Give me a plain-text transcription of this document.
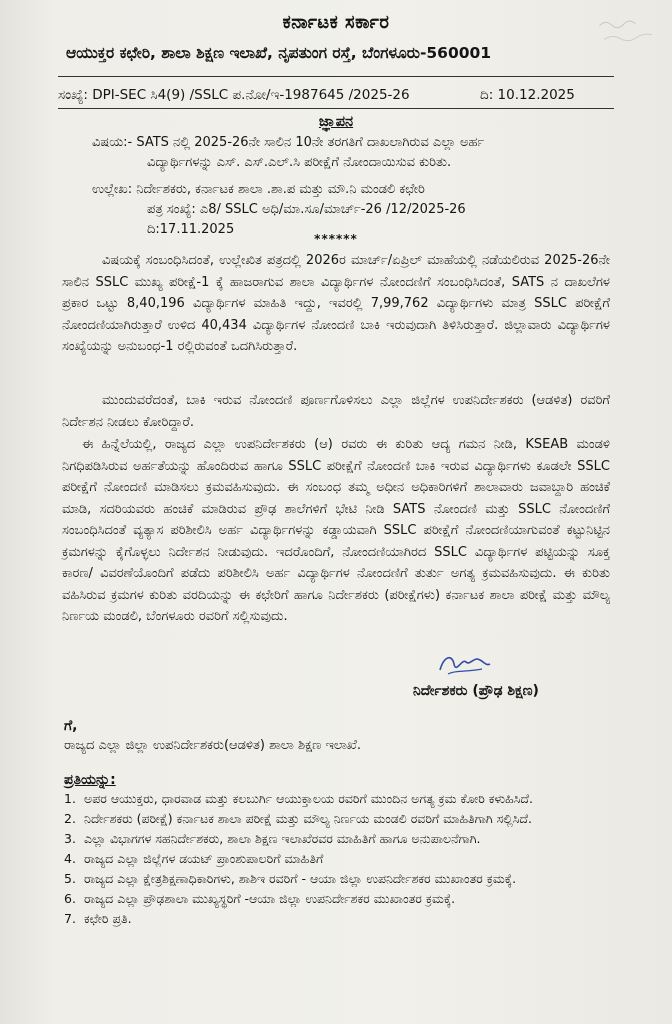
ಕರ್ನಾಟಕ ಸರ್ಕಾರ
ಆಯುಕ್ತರ ಕಛೇರಿ, ಶಾಲಾ ಶಿಕ್ಷಣ ಇಲಾಖೆ, ನೃಪತುಂಗ ರಸ್ತೆ, ಬೆಂಗಳೂರು-560001
ಸಂಖ್ಯೆ: DPI-SEC ಸಿ4(9) /SSLC ಪ.ನೋ/ಇ-1987645 /2025-26	ದಿ: 10.12.2025
ಜ್ಞಾಪನ
ವಿಷಯ:- SATS ನಲ್ಲಿ 2025-26ನೇ ಸಾಲಿನ 10ನೇ ತರಗತಿಗೆ ದಾಖಲಾಗಿರುವ ಎಲ್ಲಾ ಅರ್ಹ
ವಿದ್ಯಾರ್ಥಿಗಳನ್ನು ಎಸ್. ಎಸ್.ಎಲ್.ಸಿ ಪರೀಕ್ಷೆಗೆ ನೋಂದಾಯಿಸುವ ಕುರಿತು.
ಉಲ್ಲೇಖ: ನಿರ್ದೇಶಕರು, ಕರ್ನಾಟಕ ಶಾಲಾ .ಶಾ.ಪ ಮತ್ತು ಮೌ.ನಿ ಮಂಡಲಿ ಕಛೇರಿ
ಪತ್ರ ಸಂಖ್ಯೆ: ಎ8/ SSLC ಅಧಿ/ಮಾ.ಸೂ/ಮಾರ್ಚ್-26 /12/2025-26
ದಿ:17.11.2025
******
ವಿಷಯಕ್ಕೆ ಸಂಬಂಧಿಸಿದಂತೆ, ಉಲ್ಲೇಖಿತ ಪತ್ರದಲ್ಲಿ 2026ರ ಮಾರ್ಚ್/ಏಪ್ರಿಲ್ ಮಾಹೆಯಲ್ಲಿ ನಡೆಯಲಿರುವ 2025-26ನೇ ಸಾಲಿನ SSLC ಮುಖ್ಯ ಪರೀಕ್ಷೆ-1 ಕ್ಕೆ ಹಾಜರಾಗುವ ಶಾಲಾ ವಿದ್ಯಾರ್ಥಿಗಳ ನೋಂದಣಿಗೆ ಸಂಬಂಧಿಸಿದಂತೆ, SATS ನ ದಾಖಲೆಗಳ ಪ್ರಕಾರ ಒಟ್ಟು 8,40,196 ವಿದ್ಯಾರ್ಥಿಗಳ ಮಾಹಿತಿ ಇದ್ದು, ಇವರಲ್ಲಿ 7,99,762 ವಿದ್ಯಾರ್ಥಿಗಳು ಮಾತ್ರ SSLC ಪರೀಕ್ಷೆಗೆ ನೋಂದಣಿಯಾಗಿರುತ್ತಾರೆ ಉಳಿದ 40,434 ವಿದ್ಯಾರ್ಥಿಗಳ ನೋಂದಣಿ ಬಾಕಿ ಇರುವುದಾಗಿ ತಿಳಿಸಿರುತ್ತಾರೆ. ಜಿಲ್ಲಾವಾರು ವಿದ್ಯಾರ್ಥಿಗಳ ಸಂಖ್ಯೆಯನ್ನು ಅನುಬಂಧ-1 ರಲ್ಲಿರುವಂತೆ ಒದಗಿಸಿರುತ್ತಾರೆ.
ಮುಂದುವರೆದಂತೆ, ಬಾಕಿ ಇರುವ ನೋಂದಣಿ ಪೂರ್ಣಗೊಳಿಸಲು ಎಲ್ಲಾ ಜಿಲ್ಲೆಗಳ ಉಪನಿರ್ದೇಶಕರು (ಆಡಳಿತ) ರವರಿಗೆ ನಿರ್ದೇಶನ ನೀಡಲು ಕೋರಿದ್ದಾರೆ.
ಈ ಹಿನ್ನೆಲೆಯಲ್ಲಿ, ರಾಜ್ಯದ ಎಲ್ಲಾ ಉಪನಿರ್ದೇಶಕರು (ಆ) ರವರು ಈ ಕುರಿತು ಆದ್ಯ ಗಮನ ನೀಡಿ, KSEAB ಮಂಡಳಿ ನಿಗಧಿಪಡಿಸಿರುವ ಅರ್ಹತೆಯನ್ನು ಹೊಂದಿರುವ ಹಾಗೂ SSLC ಪರೀಕ್ಷೆಗೆ ನೋಂದಣಿ ಬಾಕಿ ಇರುವ ವಿದ್ಯಾರ್ಥಿಗಳು ಕೂಡಲೇ SSLC ಪರೀಕ್ಷೆಗೆ ನೋಂದಣಿ ಮಾಡಿಸಲು ಕ್ರಮವಹಿಸುವುದು. ಈ ಸಂಬಂಧ ತಮ್ಮ ಅಧೀನ ಅಧಿಕಾರಿಗಳಿಗೆ ಶಾಲಾವಾರು ಜವಾಬ್ದಾರಿ ಹಂಚಿಕೆ ಮಾಡಿ, ಸದರಿಯವರು ಹಂಚಿಕೆ ಮಾಡಿರುವ ಪ್ರೌಢ ಶಾಲೆಗಳಿಗೆ ಭೇಟಿ ನೀಡಿ SATS ನೋಂದಣಿ ಮತ್ತು SSLC ನೋಂದಣಿಗೆ ಸಂಬಂಧಿಸಿದಂತೆ ವ್ಯತ್ಯಾಸ ಪರಿಶೀಲಿಸಿ ಅರ್ಹ ವಿದ್ಯಾರ್ಥಿಗಳನ್ನು ಕಡ್ಡಾಯವಾಗಿ SSLC ಪರೀಕ್ಷೆಗೆ ನೋಂದಣಿಯಾಗುವಂತೆ ಕಟ್ಟುನಿಟ್ಟಿನ ಕ್ರಮಗಳನ್ನು ಕೈಗೊಳ್ಳಲು ನಿರ್ದೇಶನ ನೀಡುವುದು. ಇದರೊಂದಿಗೆ, ನೋಂದಣಿಯಾಗಿರದ SSLC ವಿದ್ಯಾರ್ಥಿಗಳ ಪಟ್ಟಿಯನ್ನು ಸೂಕ್ತ ಕಾರಣ/ ವಿವರಣೆಯೊಂದಿಗೆ ಪಡೆದು ಪರಿಶೀಲಿಸಿ ಅರ್ಹ ವಿದ್ಯಾರ್ಥಿಗಳ ನೋಂದಣಿಗೆ ತುರ್ತು ಅಗತ್ಯ ಕ್ರಮವಹಿಸುವುದು. ಈ ಕುರಿತು ವಹಿಸಿರುವ ಕ್ರಮಗಳ ಕುರಿತು ವರದಿಯನ್ನು ಈ ಕಛೇರಿಗೆ ಹಾಗೂ ನಿರ್ದೇಶಕರು (ಪರೀಕ್ಷೆಗಳು) ಕರ್ನಾಟಕ ಶಾಲಾ ಪರೀಕ್ಷೆ ಮತ್ತು ಮೌಲ್ಯ ನಿರ್ಣಯ ಮಂಡಲಿ, ಬೆಂಗಳೂರು ರವರಿಗೆ ಸಲ್ಲಿಸುವುದು.
ನಿರ್ದೇಶಕರು (ಪ್ರೌಢ ಶಿಕ್ಷಣ)
ಗೆ,
ರಾಜ್ಯದ ಎಲ್ಲಾ ಜಿಲ್ಲಾ ಉಪನಿರ್ದೇಶಕರು(ಆಡಳಿತ) ಶಾಲಾ ಶಿಕ್ಷಣ ಇಲಾಖೆ.
ಪ್ರತಿಯನ್ನು:
1. ಅಪರ ಆಯುಕ್ತರು, ಧಾರವಾಡ ಮತ್ತು ಕಲಬುರ್ಗಿ ಆಯುಕ್ತಾಲಯ ರವರಿಗೆ ಮುಂದಿನ ಅಗತ್ಯ ಕ್ರಮ ಕೋರಿ ಕಳುಹಿಸಿದೆ.
2. ನಿರ್ದೇಶಕರು (ಪರೀಕ್ಷೆ) ಕರ್ನಾಟಕ ಶಾಲಾ ಪರೀಕ್ಷೆ ಮತ್ತು ಮೌಲ್ಯ ನಿರ್ಣಯ ಮಂಡಲಿ ರವರಿಗೆ ಮಾಹಿತಿಗಾಗಿ ಸಲ್ಲಿಸಿದೆ.
3. ಎಲ್ಲಾ ವಿಭಾಗಗಳ ಸಹನಿರ್ದೇಶಕರು, ಶಾಲಾ ಶಿಕ್ಷಣ ಇಲಾಖೆರವರ ಮಾಹಿತಿಗೆ ಹಾಗೂ ಅನುಪಾಲನೆಗಾಗಿ.
4. ರಾಜ್ಯದ ಎಲ್ಲಾ ಜಿಲ್ಲೆಗಳ ಡಯಟ್ ಪ್ರಾಂಶುಪಾಲರಿಗೆ ಮಾಹಿತಿಗೆ
5. ರಾಜ್ಯದ ಎಲ್ಲಾ ಕ್ಷೇತ್ರಶಿಕ್ಷಣಾಧಿಕಾರಿಗಳು, ಶಾಶಿಇ ರವರಿಗೆ - ಆಯಾ ಜಿಲ್ಲಾ ಉಪನಿರ್ದೇಶಕರ ಮುಖಾಂತರ ಕ್ರಮಕ್ಕೆ.
6. ರಾಜ್ಯದ ಎಲ್ಲಾ ಪ್ರೌಢಶಾಲಾ ಮುಖ್ಯಸ್ಥರಿಗೆ -ಆಯಾ ಜಿಲ್ಲಾ ಉಪನಿರ್ದೇಶಕರ ಮುಖಾಂತರ ಕ್ರಮಕ್ಕೆ.
7. ಕಛೇರಿ ಪ್ರತಿ.
